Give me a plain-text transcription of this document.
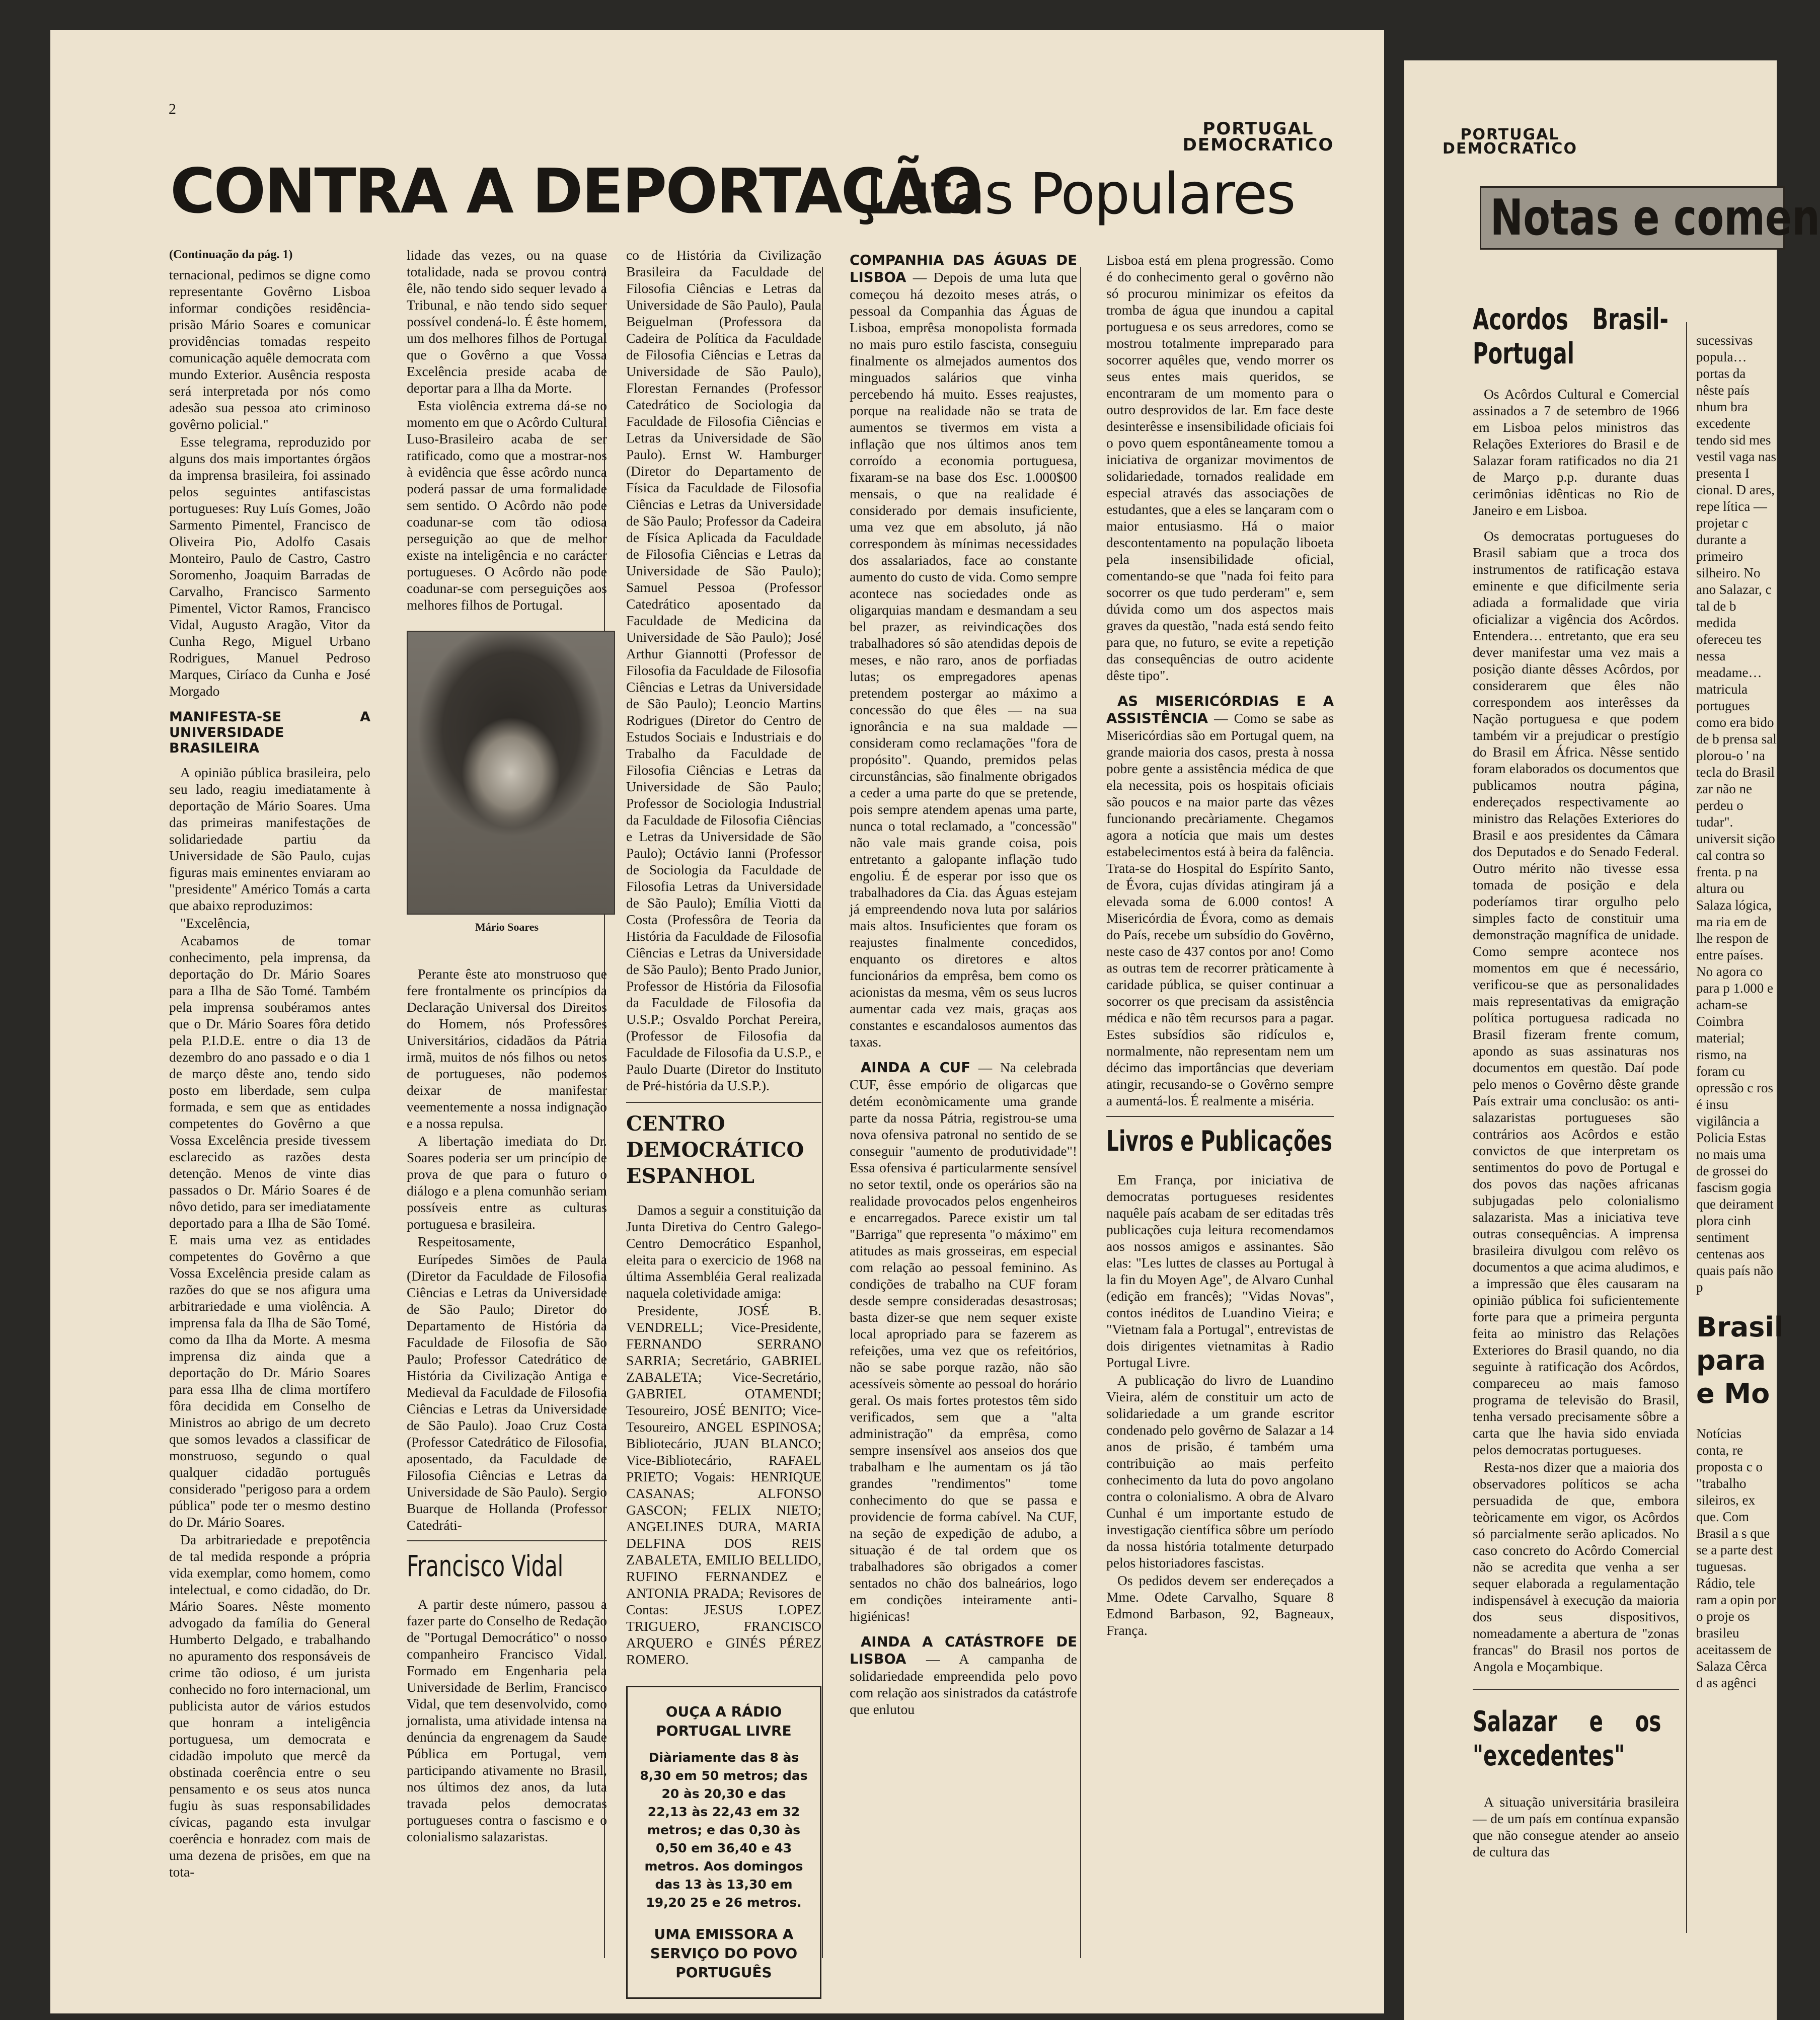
2
PORTUGAL DEMOCRATICO
CONTRA A DEPORTAÇÃO
Lutas Populares

(Continuação da pág. 1)

ternacional, pedimos se digne como representante Govêrno Lisboa informar condições residência-prisão Mário Soares e comunicar providências tomadas respeito comunicação aquêle democrata com mundo Exterior. Ausência resposta será interpretada por nós como adesão sua pessoa ato criminoso govêrno policial."

Esse telegrama, reproduzido por alguns dos mais importantes órgãos da imprensa brasileira, foi assinado pelos seguintes antifascistas portugueses: Ruy Luís Gomes, João Sarmento Pimentel, Francisco de Oliveira Pio, Adolfo Casais Monteiro, Paulo de Castro, Castro Soromenho, Joaquim Barradas de Carvalho, Francisco Sarmento Pimentel, Victor Ramos, Francisco Vidal, Augusto Aragão, Vitor da Cunha Rego, Miguel Urbano Rodrigues, Manuel Pedroso Marques, Ciríaco da Cunha e José Morgado

MANIFESTA-SE A UNIVERSIDADE BRASILEIRA

A opinião pública brasileira, pelo seu lado, reagiu imediatamente à deportação de Mário Soares. Uma das primeiras manifestações de solidariedade partiu da Universidade de São Paulo, cujas figuras mais eminentes enviaram ao "presidente" Américo Tomás a carta que abaixo reproduzimos:

"Excelência,

Acabamos de tomar conhecimento, pela imprensa, da deportação do Dr. Mário Soares para a Ilha de São Tomé. Também pela imprensa soubéramos antes que o Dr. Mário Soares fôra detido pela P.I.D.E. entre o dia 13 de dezembro do ano passado e o dia 1 de março dêste ano, tendo sido posto em liberdade, sem culpa formada, e sem que as entidades competentes do Govêrno a que Vossa Excelência preside tivessem esclarecido as razões desta detenção. Menos de vinte dias passados o Dr. Mário Soares é de nôvo detido, para ser imediatamente deportado para a Ilha de São Tomé. E mais uma vez as entidades competentes do Govêrno a que Vossa Excelência preside calam as razões do que se nos afigura uma arbitrariedade e uma violência. A imprensa fala da Ilha de São Tomé, como da Ilha da Morte. A mesma imprensa diz ainda que a deportação do Dr. Mário Soares para essa Ilha de clima mortífero fôra decidida em Conselho de Ministros ao abrigo de um decreto que somos levados a classificar de monstruoso, segundo o qual qualquer cidadão português considerado "perigoso para a ordem pública" pode ter o mesmo destino do Dr. Mário Soares.

Da arbitrariedade e prepotência de tal medida responde a própria vida exemplar, como homem, como intelectual, e como cidadão, do Dr. Mário Soares. Nêste momento advogado da família do General Humberto Delgado, e trabalhando no apuramento dos responsáveis de crime tão odioso, é um jurista conhecido no foro internacional, um publicista autor de vários estudos que honram a inteligência portuguesa, um democrata e cidadão impoluto que mercê da obstinada coerência entre o seu pensamento e os seus atos nunca fugiu às suas responsabilidades cívicas, pagando esta invulgar coerência e honradez com mais de uma dezena de prisões, em que na tota-

lidade das vezes, ou na quase totalidade, nada se provou contra êle, não tendo sido sequer levado a Tribunal, e não tendo sido sequer possível condená-lo. É êste homem, um dos melhores filhos de Portugal que o Govêrno a que Vossa Excelência preside acaba de deportar para a Ilha da Morte.

Esta violência extrema dá-se no momento em que o Acôrdo Cultural Luso-Brasileiro acaba de ser ratificado, como que a mostrar-nos à evidência que êsse acôrdo nunca poderá passar de uma formalidade sem sentido. O Acôrdo não pode coadunar-se com tão odiosa perseguição ao que de melhor existe na inteligência e no carácter portugueses. O Acôrdo não pode coadunar-se com perseguições aos melhores filhos de Portugal.

Mário Soares

Perante êste ato monstruoso que fere frontalmente os princípios da Declaração Universal dos Direitos do Homem, nós Professôres Universitários, cidadãos da Pátria irmã, muitos de nós filhos ou netos de portugueses, não podemos deixar de manifestar veementemente a nossa indignação e a nossa repulsa.

A libertação imediata do Dr. Soares poderia ser um princípio de prova de que para o futuro o diálogo e a plena comunhão seriam possíveis entre as culturas portuguesa e brasileira.

Respeitosamente,

Eurípedes Simões de Paula (Diretor da Faculdade de Filosofia Ciências e Letras da Universidade de São Paulo; Diretor do Departamento de História da Faculdade de Filosofia de São Paulo; Professor Catedrático de História da Civilização Antiga e Medieval da Faculdade de Filosofia Ciências e Letras da Universidade de São Paulo). Joao Cruz Costa (Professor Catedrático de Filosofia, aposentado, da Faculdade de Filosofia Ciências e Letras da Universidade de São Paulo). Sergio Buarque de Hollanda (Professor Catedráti-

Francisco Vidal

A partir deste número, passou a fazer parte do Conselho de Redação de "Portugal Democrático" o nosso companheiro Francisco Vidal. Formado em Engenharia pela Universidade de Berlim, Francisco Vidal, que tem desenvolvido, como jornalista, uma atividade intensa na denúncia da engrenagem da Saude Pública em Portugal, vem participando ativamente no Brasil, nos últimos dez anos, da luta travada pelos democratas portugueses contra o fascismo e o colonialismo salazaristas.

co de História da Civilização Brasileira da Faculdade de Filosofia Ciências e Letras da Universidade de São Paulo), Paula Beiguelman (Professora da Cadeira de Política da Faculdade de Filosofia Ciências e Letras da Universidade de São Paulo), Florestan Fernandes (Professor Catedrático de Sociologia da Faculdade de Filosofia Ciências e Letras da Universidade de São Paulo). Ernst W. Hamburger (Diretor do Departamento de Física da Faculdade de Filosofia Ciências e Letras da Universidade de São Paulo; Professor da Cadeira de Física Aplicada da Faculdade de Filosofia Ciências e Letras da Universidade de São Paulo); Samuel Pessoa (Professor Catedrático aposentado da Faculdade de Medicina da Universidade de São Paulo); José Arthur Giannotti (Professor de Filosofia da Faculdade de Filosofia Ciências e Letras da Universidade de São Paulo); Leoncio Martins Rodrigues (Diretor do Centro de Estudos Sociais e Industriais e do Trabalho da Faculdade de Filosofia Ciências e Letras da Universidade de São Paulo; Professor de Sociologia Industrial da Faculdade de Filosofia Ciências e Letras da Universidade de São Paulo); Octávio Ianni (Professor de Sociologia da Faculdade de Filosofia Letras da Universidade de São Paulo); Emília Viotti da Costa (Professôra de Teoria da História da Faculdade de Filosofia Ciências e Letras da Universidade de São Paulo); Bento Prado Junior, Professor de História da Filosofia da Faculdade de Filosofia da U.S.P.; Osvaldo Porchat Pereira, (Professor de Filosofia da Faculdade de Filosofia da U.S.P., e Paulo Duarte (Diretor do Instituto de Pré-história da U.S.P.).

CENTRO DEMOCRÁTICO ESPANHOL

Damos a seguir a constituição da Junta Diretiva do Centro Galego-Centro Democrático Espanhol, eleita para o exercicio de 1968 na última Assembléia Geral realizada naquela coletividade amiga:

Presidente, JOSÉ B. VENDRELL; Vice-Presidente, FERNANDO SERRANO SARRIA; Secretário, GABRIEL ZABALETA; Vice-Secretário, GABRIEL OTAMENDI; Tesoureiro, JOSÉ BENITO; Vice-Tesoureiro, ANGEL ESPINOSA; Bibliotecário, JUAN BLANCO; Vice-Bibliotecário, RAFAEL PRIETO; Vogais: HENRIQUE CASANAS; ALFONSO GASCON; FELIX NIETO; ANGELINES DURA, MARIA DELFINA DOS REIS ZABALETA, EMILIO BELLIDO, RUFINO FERNANDEZ e ANTONIA PRADA; Revisores de Contas: JESUS LOPEZ TRIGUERO, FRANCISCO ARQUERO e GINÉS PÉREZ ROMERO.

OUÇA A RÁDIO PORTUGAL LIVRE
Diàriamente das 8 às 8,30 em 50 metros; das 20 às 20,30 e das 22,13 às 22,43 em 32 metros; e das 0,30 às 0,50 em 36,40 e 43 metros. Aos domingos das 13 às 13,30 em 19,20 25 e 26 metros.
UMA EMISSORA A SERVIÇO DO POVO PORTUGUÊS

COMPANHIA DAS ÁGUAS DE LISBOA — Depois de uma luta que começou há dezoito meses atrás, o pessoal da Companhia das Águas de Lisboa, emprêsa monopolista formada no mais puro estilo fascista, conseguiu finalmente os almejados aumentos dos minguados salários que vinha percebendo há muito. Esses reajustes, porque na realidade não se trata de aumentos se tivermos em vista a inflação que nos últimos anos tem corroído a economia portuguesa, fixaram-se na base dos Esc. 1.000$00 mensais, o que na realidade é considerado por demais insuficiente, uma vez que em absoluto, já não correspondem às mínimas necessidades dos assalariados, face ao constante aumento do custo de vida. Como sempre acontece nas sociedades onde as oligarquias mandam e desmandam a seu bel prazer, as reivindicações dos trabalhadores só são atendidas depois de meses, e não raro, anos de porfiadas lutas; os empregadores apenas pretendem postergar ao máximo a concessão do que êles — na sua ignorância e na sua maldade — consideram como reclamações "fora de propósito". Quando, premidos pelas circunstâncias, são finalmente obrigados a ceder a uma parte do que se pretende, pois sempre atendem apenas uma parte, nunca o total reclamado, a "concessão" não vale mais grande coisa, pois entretanto a galopante inflação tudo engoliu. É de esperar por isso que os trabalhadores da Cia. das Águas estejam já empreendendo nova luta por salários mais altos. Insuficientes que foram os reajustes finalmente concedidos, enquanto os diretores e altos funcionários da emprêsa, bem como os acionistas da mesma, vêm os seus lucros aumentar cada vez mais, graças aos constantes e escandalosos aumentos das taxas.

AINDA A CUF — Na celebrada CUF, êsse empório de oligarcas que detém econòmicamente uma grande parte da nossa Pátria, registrou-se uma nova ofensiva patronal no sentido de se conseguir "aumento de produtividade"! Essa ofensiva é particularmente sensível no setor textil, onde os operários são na realidade provocados pelos engenheiros e encarregados. Parece existir um tal "Barriga" que representa "o máximo" em atitudes as mais grosseiras, em especial com relação ao pessoal feminino. As condições de trabalho na CUF foram desde sempre consideradas desastrosas; basta dizer-se que nem sequer existe local apropriado para se fazerem as refeições, uma vez que os refeitórios, não se sabe porque razão, não são acessíveis sòmente ao pessoal do horário geral. Os mais fortes protestos têm sido verificados, sem que a "alta administração" da emprêsa, como sempre insensível aos anseios dos que trabalham e lhe aumentam os já tão grandes "rendimentos" tome conhecimento do que se passa e providencie de forma cabível. Na CUF, na seção de expedição de adubo, a situação é de tal ordem que os trabalhadores são obrigados a comer sentados no chão dos balneários, logo em condições inteiramente anti-higiénicas!

AINDA A CATÁSTROFE DE LISBOA — A campanha de solidariedade empreendida pelo povo com relação aos sinistrados da catástrofe que enlutou

Lisboa está em plena progressão. Como é do conhecimento geral o govêrno não só procurou minimizar os efeitos da tromba de água que inundou a capital portuguesa e os seus arredores, como se mostrou totalmente impreparado para socorrer aquêles que, vendo morrer os seus entes mais queridos, se encontraram de um momento para o outro desprovidos de lar. Em face deste desinterêsse e insensibilidade oficiais foi o povo quem espontâneamente tomou a iniciativa de organizar movimentos de solidariedade, tornados realidade em especial através das associações de estudantes, que a eles se lançaram com o maior entusiasmo. Há o maior descontentamento na população liboeta pela insensibilidade oficial, comentando-se que "nada foi feito para socorrer os que tudo perderam" e, sem dúvida como um dos aspectos mais graves da questão, "nada está sendo feito para que, no futuro, se evite a repetição das consequências de outro acidente dêste tipo".

AS MISERICÓRDIAS E A ASSISTÊNCIA — Como se sabe as Misericórdias são em Portugal quem, na grande maioria dos casos, presta à nossa pobre gente a assistência médica de que ela necessita, pois os hospitais oficiais são poucos e na maior parte das vêzes funcionando precàriamente. Chegamos agora a notícia que mais um destes estabelecimentos está à beira da falência. Trata-se do Hospital do Espírito Santo, de Évora, cujas dívidas atingiram já a elevada soma de 6.000 contos! A Misericórdia de Évora, como as demais do País, recebe um subsídio do Govêrno, neste caso de 437 contos por ano! Como as outras tem de recorrer pràticamente à caridade pública, se quiser continuar a socorrer os que precisam da assistência médica e não têm recursos para a pagar. Estes subsídios são ridículos e, normalmente, não representam nem um décimo das importâncias que deveriam atingir, recusando-se o Govêrno sempre a aumentá-los. É realmente a miséria.

Livros e Publicações

Em França, por iniciativa de democratas portugueses residentes naquêle país acabam de ser editadas três publicações cuja leitura recomendamos aos nossos amigos e assinantes. São elas: "Les luttes de classes au Portugal à la fin du Moyen Age", de Alvaro Cunhal (edição em francês); "Vidas Novas", contos inéditos de Luandino Vieira; e "Vietnam fala a Portugal", entrevistas de dois dirigentes vietnamitas à Radio Portugal Livre.

A publicação do livro de Luandino Vieira, além de constituir um acto de solidariedade a um grande escritor condenado pelo govêrno de Salazar a 14 anos de prisão, é também uma contribuição ao mais perfeito conhecimento da luta do povo angolano contra o colonialismo. A obra de Alvaro Cunhal é um importante estudo de investigação científica sôbre um período da nossa história totalmente deturpado pelos historiadores fascistas.

Os pedidos devem ser endereçados a Mme. Odete Carvalho, Square 8 Edmond Barbason, 92, Bagneaux, França.

PORTUGAL DEMOCRATICO
Notas e comen
Acordos Brasil-Portugal

Os Acôrdos Cultural e Comercial assinados a 7 de setembro de 1966 em Lisboa pelos ministros das Relações Exteriores do Brasil e de Salazar foram ratificados no dia 21 de Março p.p. durante duas cerimônias idênticas no Rio de Janeiro e em Lisboa.

Os democratas portugueses do Brasil sabiam que a troca dos instrumentos de ratificação estava eminente e que dificilmente seria adiada a formalidade que viria oficializar a vigência dos Acôrdos. Entendera… entretanto, que era seu dever manifestar uma vez mais a posição diante dêsses Acôrdos, por considerarem que êles não correspondem aos interêsses da Nação portuguesa e que podem também vir a prejudicar o prestígio do Brasil em África. Nêsse sentido foram elaborados os documentos que publicamos noutra página, endereçados respectivamente ao ministro das Relações Exteriores do Brasil e aos presidentes da Câmara dos Deputados e do Senado Federal. Outro mérito não tivesse essa tomada de posição e dela poderíamos tirar orgulho pelo simples facto de constituir uma demonstração magnífica de unidade. Como sempre acontece nos momentos em que é necessário, verificou-se que as personalidades mais representativas da emigração política portuguesa radicada no Brasil fizeram frente comum, apondo as suas assinaturas nos documentos em questão. Daí pode pelo menos o Govêrno dêste grande País extrair uma conclusão: os anti-salazaristas portugueses são contrários aos Acôrdos e estão convictos de que interpretam os sentimentos do povo de Portugal e dos povos das nações africanas subjugadas pelo colonialismo salazarista. Mas a iniciativa teve outras consequências. A imprensa brasileira divulgou com relêvo os documentos a que acima aludimos, e a impressão que êles causaram na opinião pública foi suficientemente forte para que a primeira pergunta feita ao ministro das Relações Exteriores do Brasil quando, no dia seguinte à ratificação dos Acôrdos, compareceu ao mais famoso programa de televisão do Brasil, tenha versado precisamente sôbre a carta que lhe havia sido enviada pelos democratas portugueses.

Resta-nos dizer que a maioria dos observadores políticos se acha persuadida de que, embora teòricamente em vigor, os Acôrdos só parcialmente serão aplicados. No caso concreto do Acôrdo Comercial não se acredita que venha a ser sequer elaborada a regulamentação indispensável à execução da maioria dos seus dispositivos, nomeadamente a abertura de "zonas francas" do Brasil nos portos de Angola e Moçambique.

Salazar e os "excedentes"

A situação universitária brasileira — de um país em contínua expansão que não consegue atender ao anseio de cultura das

sucessivas popula… portas da nêste país nhum bra excedente tendo sid mes vestil vaga nas presenta I cional. D ares, repe lítica — projetar c durante a primeiro silheiro. No ano Salazar, c tal de b medida ofereceu tes nessa meadame… matricula portugues como era bido de b prensa sal plorou-o ' na tecla do Brasil zar não ne perdeu o tudar". universit sição cal contra so frenta. p na altura ou Salaza lógica, ma ria em de lhe respon de entre países. No agora co para p 1.000 e acham-se Coimbra material; rismo, na foram cu opressão c ros é insu vigilância a Policia Estas no mais uma de grossei do fascism gogia que deirament plora cinh sentiment centenas aos quais país não p

Brasil para e Mo

Notícias conta, re proposta c o "trabalho sileiros, ex que. Com Brasil a s que se a parte dest tuguesas. Rádio, tele ram a opin por o proje os brasileu aceitassem de Salaza Cêrca d as agênci
